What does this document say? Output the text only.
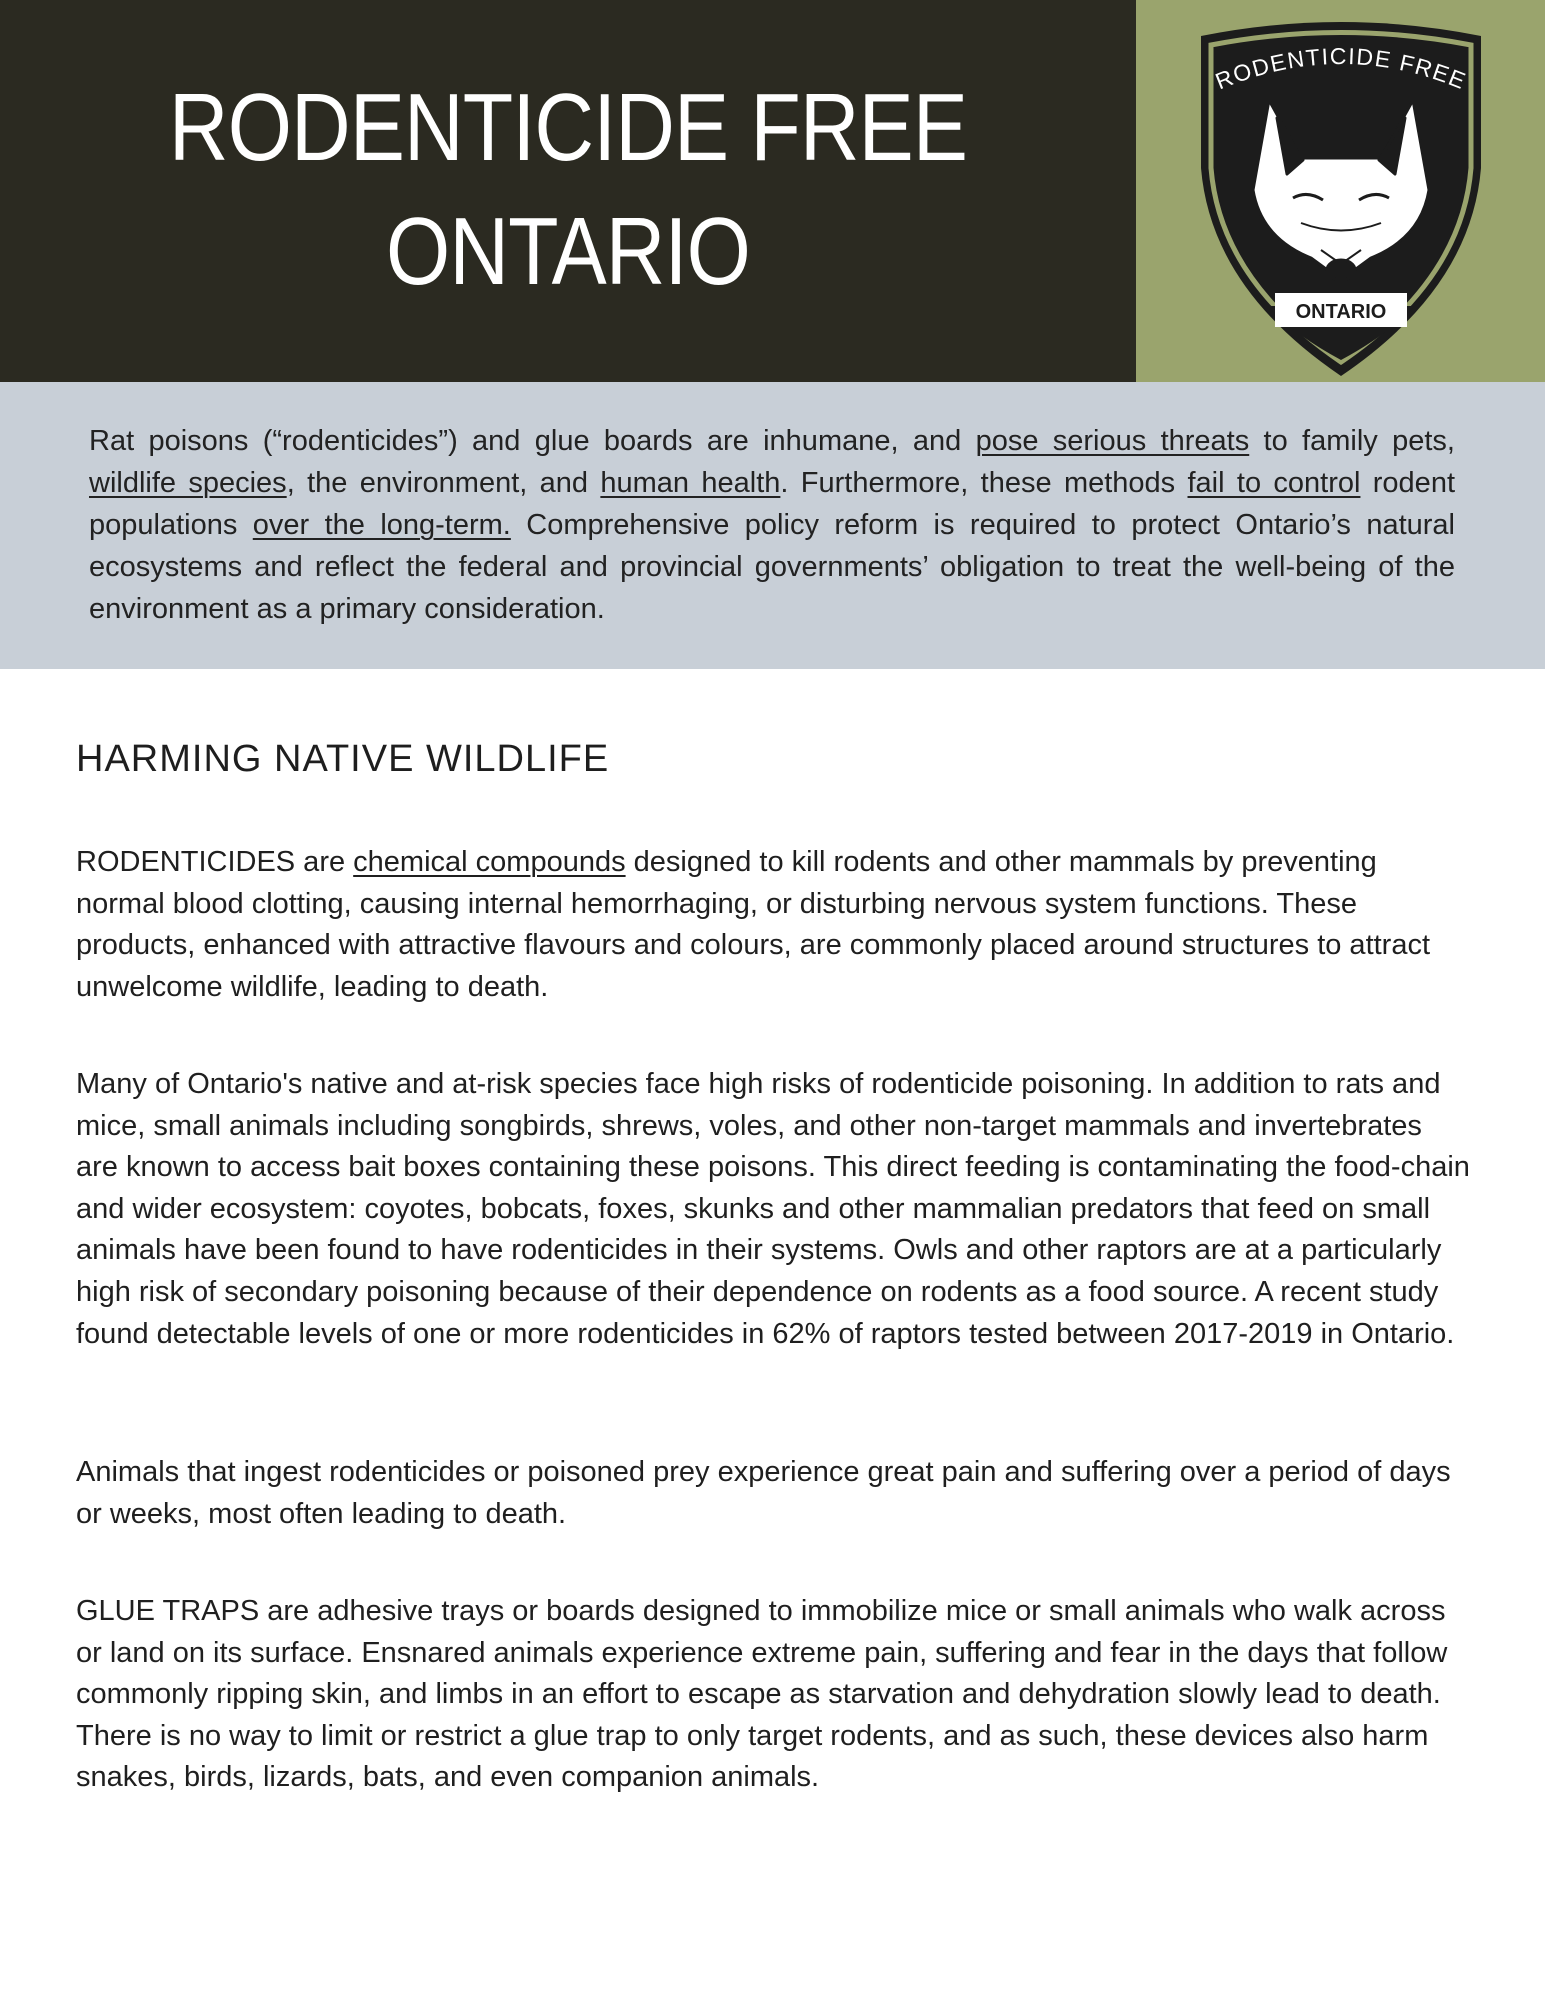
RODENTICIDE FREE
ONTARIO
RODENTICIDE FREE
ONTARIO
Rat poisons (“rodenticides”) and glue boards are inhumane, and pose serious threats to family pets, wildlife species, the environment, and human health. Furthermore, these methods fail to control rodent populations over the long-term. Comprehensive policy reform is required to protect Ontario’s natural ecosystems and reflect the federal and provincial governments’ obligation to treat the well-being of the environment as a primary consideration.
HARMING NATIVE WILDLIFE
RODENTICIDES are chemical compounds designed to kill rodents and other mammals by preventing normal blood clotting, causing internal hemorrhaging, or disturbing nervous system functions. These products, enhanced with attractive flavours and colours, are commonly placed around structures to attract unwelcome wildlife, leading to death.
Many of Ontario's native and at-risk species face high risks of rodenticide poisoning. In addition to rats and mice, small animals including songbirds, shrews, voles, and other non-target mammals and invertebrates are known to access bait boxes containing these poisons. This direct feeding is contaminating the food-chain and wider ecosystem: coyotes, bobcats, foxes, skunks and other mammalian predators that feed on small animals have been found to have rodenticides in their systems. Owls and other raptors are at a particularly high risk of secondary poisoning because of their dependence on rodents as a food source. A recent study found detectable levels of one or more rodenticides in 62% of raptors tested between 2017-2019 in Ontario.
Animals that ingest rodenticides or poisoned prey experience great pain and suffering over a period of days or weeks, most often leading to death.
GLUE TRAPS are adhesive trays or boards designed to immobilize mice or small animals who walk across or land on its surface. Ensnared animals experience extreme pain, suffering and fear in the days that follow commonly ripping skin, and limbs in an effort to escape as starvation and dehydration slowly lead to death. There is no way to limit or restrict a glue trap to only target rodents, and as such, these devices also harm snakes, birds, lizards, bats, and even companion animals.
